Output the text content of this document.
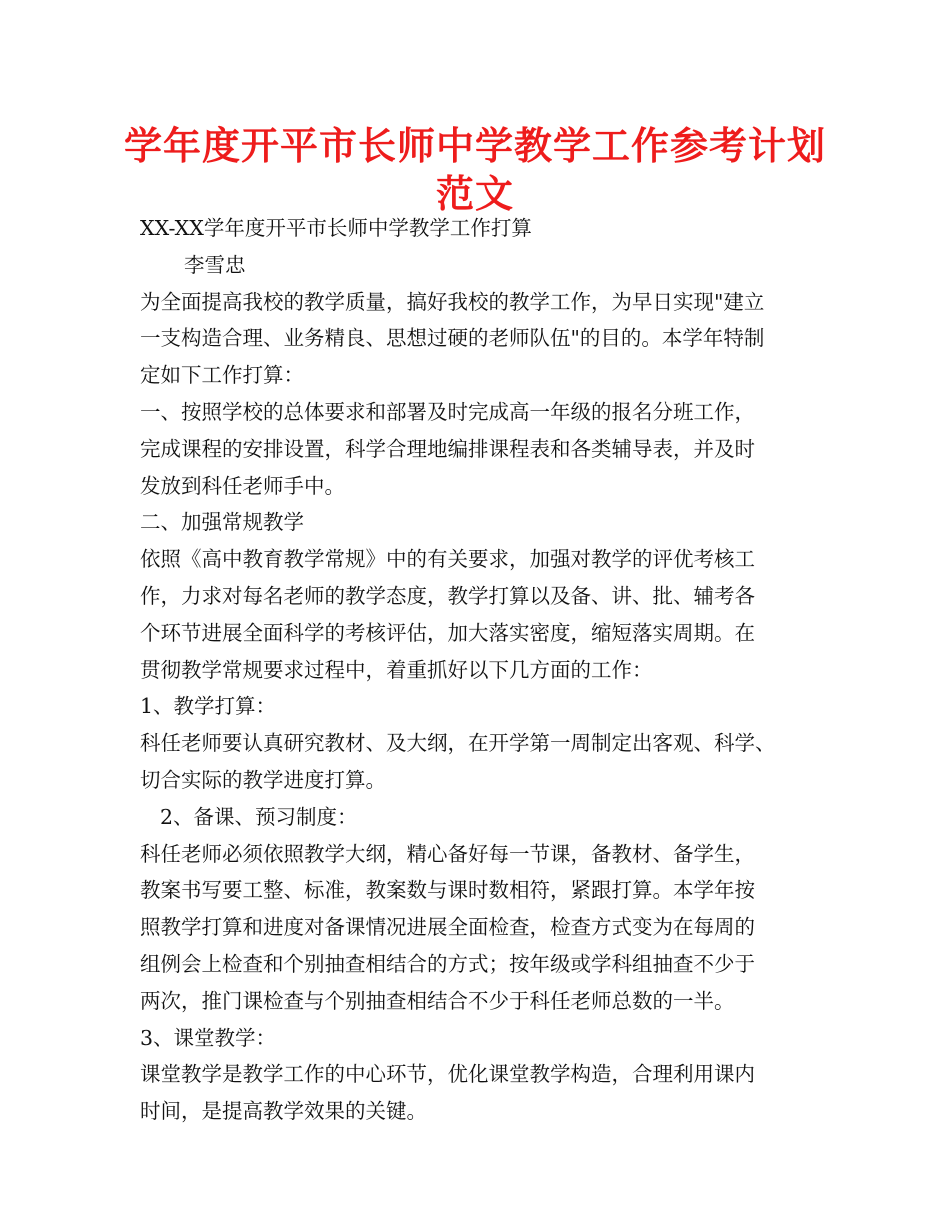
学年度开平市长师中学教学工作参考计划
范文
XX-XX学年度开平市长师中学教学工作打算
李雪忠
为全面提高我校的教学质量，搞好我校的教学工作，为早日实现"建立
一支构造合理、业务精良、思想过硬的老师队伍"的目的。本学年特制
定如下工作打算：
一、按照学校的总体要求和部署及时完成高一年级的报名分班工作，
完成课程的安排设置，科学合理地编排课程表和各类辅导表，并及时
发放到科任老师手中。
二、加强常规教学
依照《高中教育教学常规》中的有关要求，加强对教学的评优考核工
作，力求对每名老师的教学态度，教学打算以及备、讲、批、辅考各
个环节进展全面科学的考核评估，加大落实密度，缩短落实周期。在
贯彻教学常规要求过程中，着重抓好以下几方面的工作：
1、教学打算：
科任老师要认真研究教材、及大纲，在开学第一周制定出客观、科学、
切合实际的教学进度打算。
2、备课、预习制度：
科任老师必须依照教学大纲，精心备好每一节课，备教材、备学生，
教案书写要工整、标准，教案数与课时数相符，紧跟打算。本学年按
照教学打算和进度对备课情况进展全面检查，检查方式变为在每周的
组例会上检查和个别抽查相结合的方式；按年级或学科组抽查不少于
两次，推门课检查与个别抽查相结合不少于科任老师总数的一半。
3、课堂教学：
课堂教学是教学工作的中心环节，优化课堂教学构造，合理利用课内
时间，是提高教学效果的关键。
